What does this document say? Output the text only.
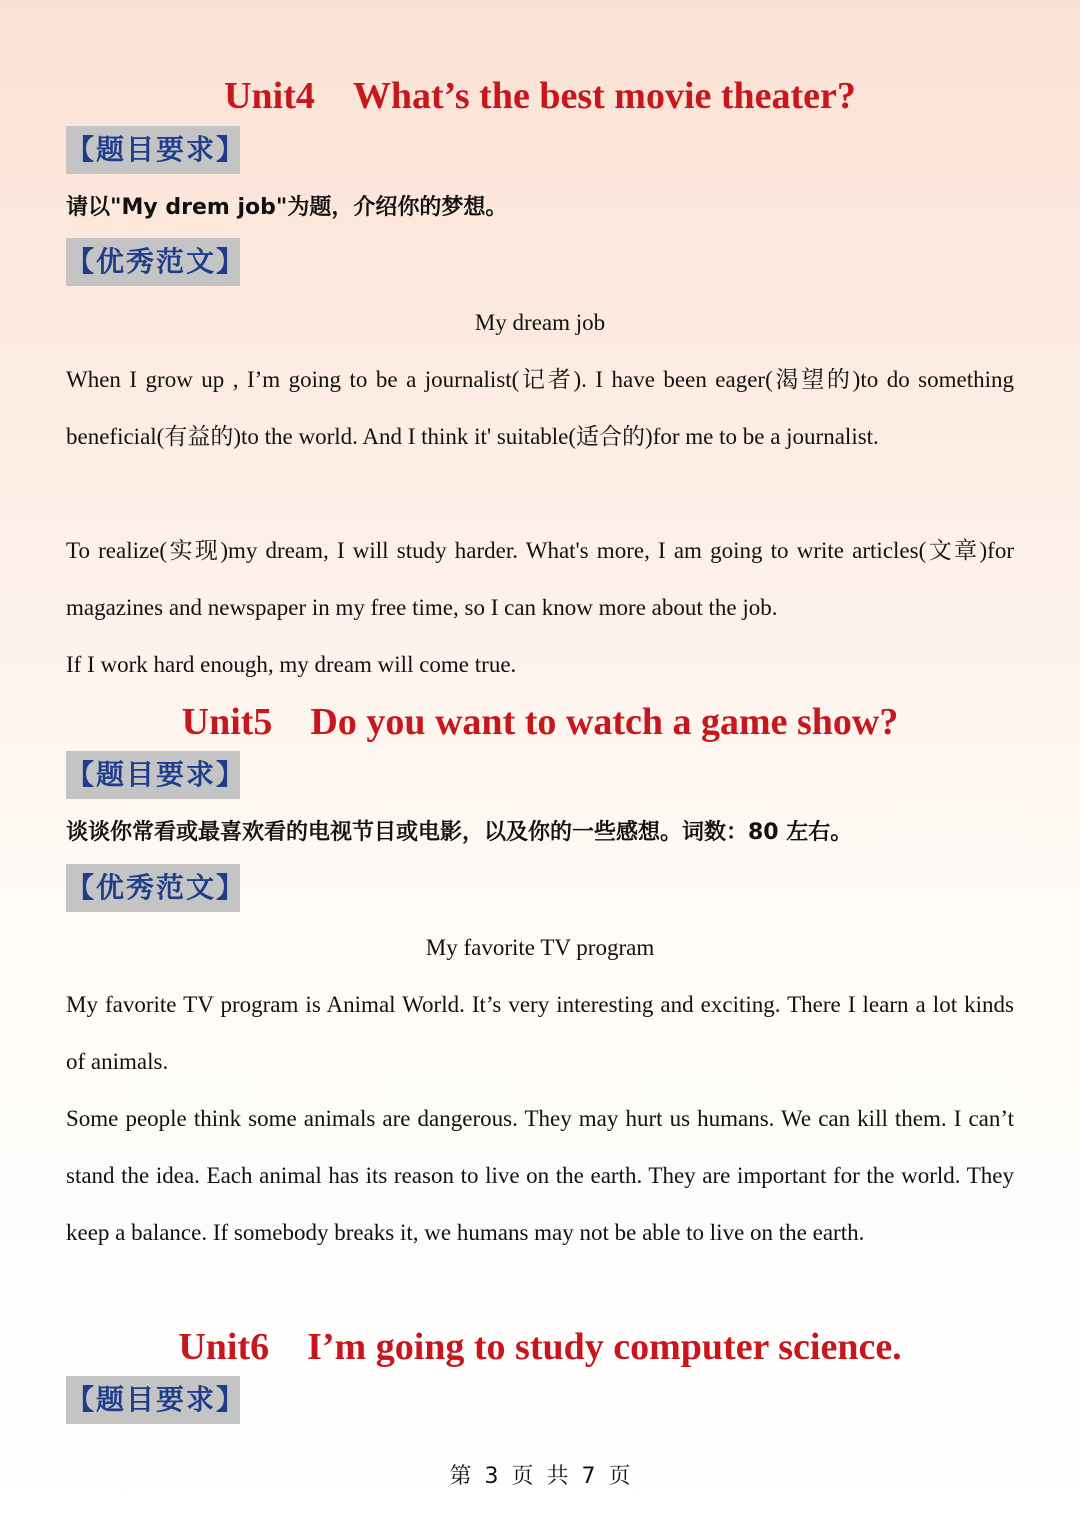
Unit4　What’s the best movie theater?
【题目要求】
请以"My drem job"为题，介绍你的梦想。
【优秀范文】
My dream job

When I grow up , I’m going to be a journalist(记者). I have been eager(渴望的)to do something beneficial(有益的)to the world. And I think it' suitable(适合的)for me to be a journalist.

To realize(实现)my dream, I will study harder. What's more, I am going to write articles(文章)for magazines and newspaper in my free time, so I can know more about the job.

If I work hard enough, my dream will come true.

Unit5　Do you want to watch a game show?
【题目要求】
谈谈你常看或最喜欢看的电视节目或电影，以及你的一些感想。词数：80 左右。
【优秀范文】
My favorite TV program

My favorite TV program is Animal World. It’s very interesting and exciting. There I learn a lot kinds of animals.

Some people think some animals are dangerous. They may hurt us humans. We can kill them. I can’t stand the idea. Each animal has its reason to live on the earth. They are important for the world. They keep a balance. If somebody breaks it, we humans may not be able to live on the earth.

Unit6　I’m going to study computer science.
【题目要求】
第 3 页 共 7 页
